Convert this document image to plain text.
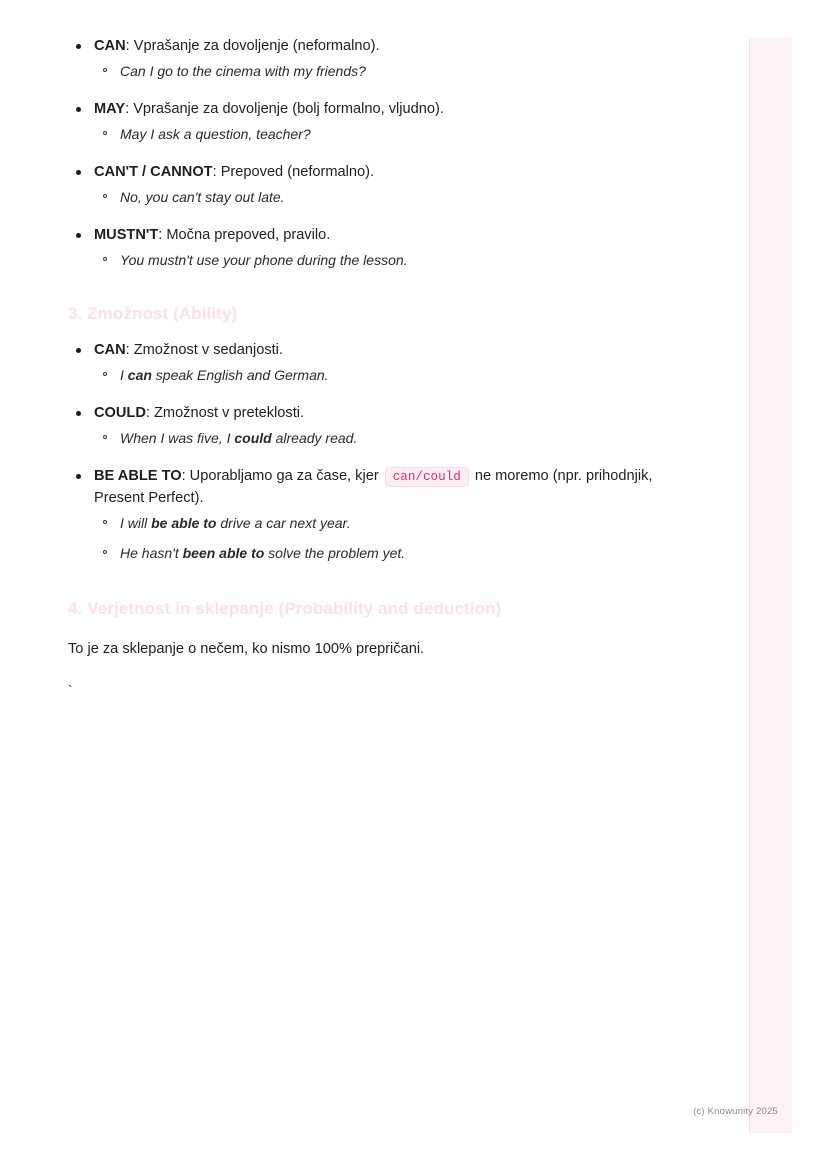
CAN: Vprašanje za dovoljenje (neformalno).
Can I go to the cinema with my friends?
MAY: Vprašanje za dovoljenje (bolj formalno, vljudno).
May I ask a question, teacher?
CAN'T / CANNOT: Prepoved (neformalno).
No, you can't stay out late.
MUSTN'T: Močna prepoved, pravilo.
You mustn't use your phone during the lesson.
3. Zmožnost (Ability)
CAN: Zmožnost v sedanjosti.
I can speak English and German.
COULD: Zmožnost v preteklosti.
When I was five, I could already read.
BE ABLE TO: Uporabljamo ga za čase, kjer can/could ne moremo (npr. prihodnjik, Present Perfect).
I will be able to drive a car next year.
He hasn't been able to solve the problem yet.
4. Verjetnost in sklepanje (Probability and deduction)

To je za sklepanje o nečem, ko nismo 100% prepričani.

`

(c) Knowunity 2025
